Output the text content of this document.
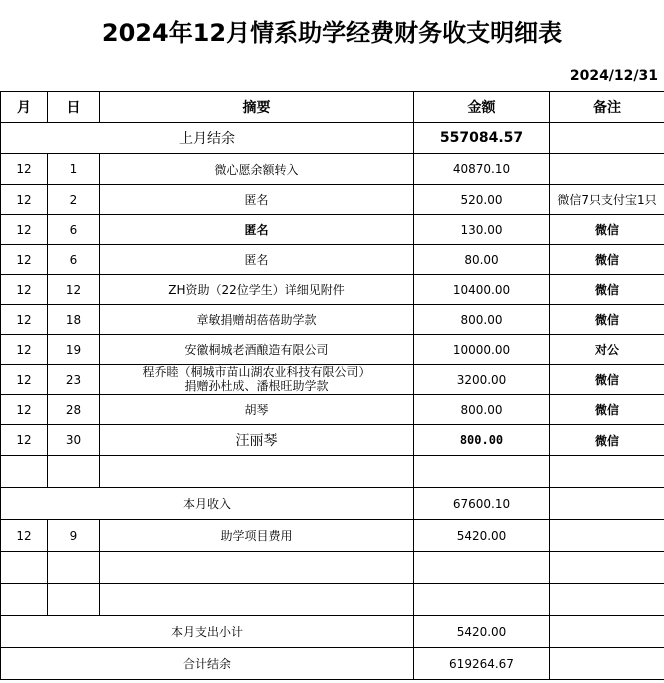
2024年12月情系助学经费财务收支明细表
2024/12/31
月	日	摘要	金额	备注
上月结余			557084.57	
12	1	微心愿余额转入	40870.10	
12	2	匿名	520.00	微信7只支付宝1只
12	6	匿名	130.00	微信
12	6	匿名	80.00	微信
12	12	ZH资助（22位学生）详细见附件	10400.00	微信
12	18	章敏捐赠胡蓓蓓助学款	800.00	微信
12	19	安徽桐城老酒酿造有限公司	10000.00	对公
12	23	程乔睦（桐城市苗山湖农业科技有限公司）
捐赠孙杜成、潘根旺助学款	3200.00	微信
12	28	胡琴	800.00	微信
12	30	汪丽琴	800.00	微信

本月收入			67600.10	
12	9	助学项目费用	5420.00	

本月支出小计			5420.00	
合计结余			619264.67	
